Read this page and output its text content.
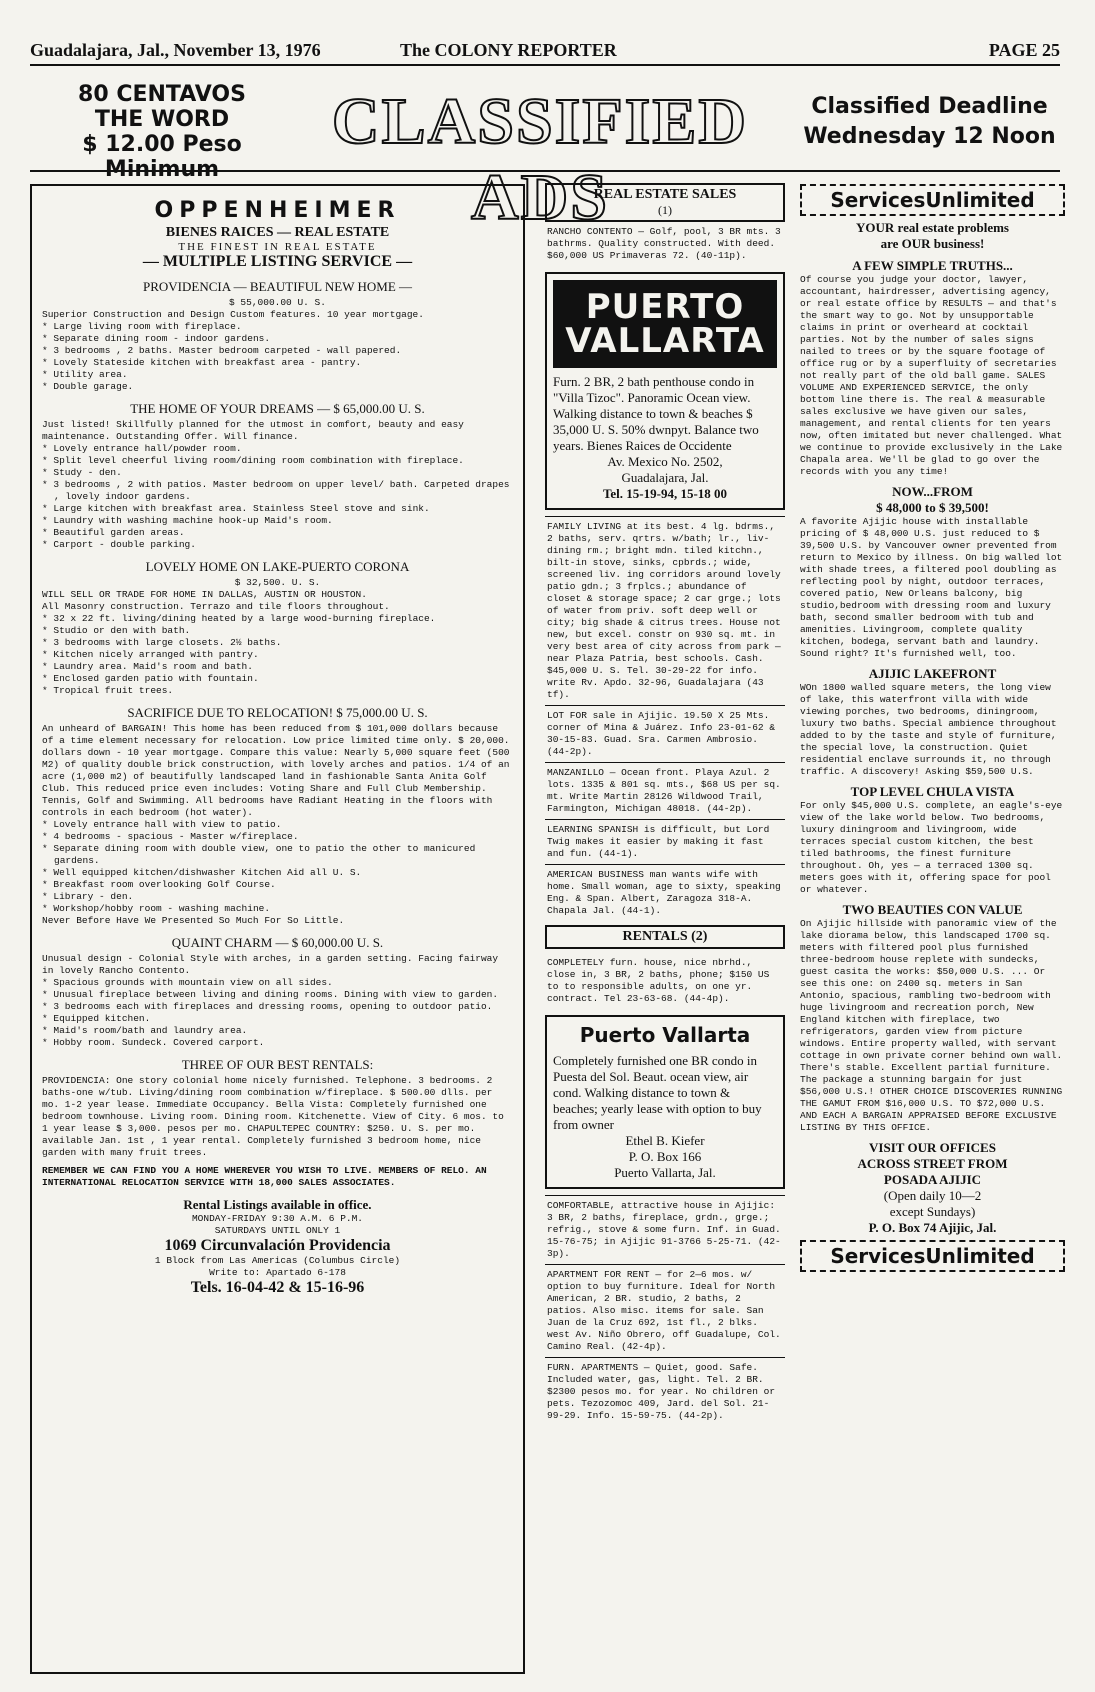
Guadalajara, Jal., November 13, 1976	The COLONY REPORTER	PAGE 25
80 CENTAVOS
THE WORD
$ 12.00 Peso Minimum
CLASSIFIED ADS
Classified Deadline
Wednesday 12 Noon
OPPENHEIMER
BIENES RAICES — REAL ESTATE
THE FINEST IN REAL ESTATE
— MULTIPLE LISTING SERVICE —
PROVIDENCIA — BEAUTIFUL NEW HOME —
$ 55,000.00 U. S.

Superior Construction and Design Custom features. 10 year mortgage.

* Large living room with fireplace.
* Separate dining room - indoor gardens.
* 3 bedrooms , 2 baths. Master bedroom carpeted - wall papered.
* Lovely Stateside kitchen with breakfast area - pantry.
* Utility area.
* Double garage.
THE HOME OF YOUR DREAMS — $ 65,000.00 U. S.

Just listed! Skillfully planned for the utmost in comfort, beauty and easy maintenance. Outstanding Offer. Will finance.

* Lovely entrance hall/powder room.
* Split level cheerful living room/dining room combination with fireplace.
* Study - den.
* 3 bedrooms , 2 with patios. Master bedroom on upper level/ bath. Carpeted drapes , lovely indoor gardens.
* Large kitchen with breakfast area. Stainless Steel stove and sink.
* Laundry with washing machine hook-up Maid's room.
* Beautiful garden areas.
* Carport - double parking.
LOVELY HOME ON LAKE-PUERTO CORONA
$ 32,500. U. S.

WILL SELL OR TRADE FOR HOME IN DALLAS, AUSTIN OR HOUSTON.

All Masonry construction. Terrazo and tile floors throughout.

* 32 x 22 ft. living/dining heated by a large wood-burning fireplace.
* Studio or den with bath.
* 3 bedrooms with large closets. 2½ baths.
* Kitchen nicely arranged with pantry.
* Laundry area. Maid's room and bath.
* Enclosed garden patio with fountain.
* Tropical fruit trees.
SACRIFICE DUE TO RELOCATION! $ 75,000.00 U. S.

An unheard of BARGAIN! This home has been reduced from $ 101,000 dollars because of a time element necessary for relocation. Low price limited time only. $ 20,000. dollars down - 10 year mortgage. Compare this value: Nearly 5,000 square feet (500 M2) of quality double brick construction, with lovely arches and patios. 1/4 of an acre (1,000 m2) of beautifully landscaped land in fashionable Santa Anita Golf Club. This reduced price even includes: Voting Share and Full Club Membership. Tennis, Golf and Swimming. All bedrooms have Radiant Heating in the floors with controls in each bedroom (hot water).

* Lovely entrance hall with view to patio.
* 4 bedrooms - spacious - Master w/fireplace.
* Separate dining room with double view, one to patio the other to manicured gardens.
* Well equipped kitchen/dishwasher Kitchen Aid all U. S.
* Breakfast room overlooking Golf Course.
* Library - den.
* Workshop/hobby room - washing machine.

Never Before Have We Presented So Much For So Little.

QUAINT CHARM — $ 60,000.00 U. S.

Unusual design - Colonial Style with arches, in a garden setting. Facing fairway in lovely Rancho Contento.

* Spacious grounds with mountain view on all sides.
* Unusual fireplace between living and dining rooms. Dining with view to garden.
* 3 bedrooms each with fireplaces and dressing rooms, opening to outdoor patio.
* Equipped kitchen.
* Maid's room/bath and laundry area.
* Hobby room. Sundeck. Covered carport.
THREE OF OUR BEST RENTALS:

PROVIDENCIA: One story colonial home nicely furnished. Telephone. 3 bedrooms. 2 baths-one w/tub. Living/dining room combination w/fireplace. $ 500.00 dlls. per mo. 1-2 year lease. Immediate Occupancy. Bella Vista: Completely furnished one bedroom townhouse. Living room. Dining room. Kitchenette. View of City. 6 mos. to 1 year lease $ 3,000. pesos per mo. CHAPULTEPEC COUNTRY: $250. U. S. per mo. available Jan. 1st , 1 year rental. Completely furnished 3 bedroom home, nice garden with many fruit trees.

REMEMBER WE CAN FIND YOU A HOME WHEREVER YOU WISH TO LIVE. MEMBERS OF RELO. AN INTERNATIONAL RELOCATION SERVICE WITH 18,000 SALES ASSOCIATES.

Rental Listings available in office.
MONDAY-FRIDAY 9:30 A.M. 6 P.M.
SATURDAYS UNTIL ONLY 1
1069 Circunvalación Providencia
1 Block from Las Americas (Columbus Circle)
Write to: Apartado 6-178
Tels. 16-04-42 & 15-16-96
REAL ESTATE SALES
(1)

RANCHO CONTENTO — Golf, pool, 3 BR mts. 3 bathrms. Quality constructed. With deed. $60,000 US Primaveras 72. (40-11p).

PUERTO VALLARTA

Furn. 2 BR, 2 bath penthouse condo in "Villa Tizoc". Panoramic Ocean view. Walking distance to town & beaches $ 35,000 U. S. 50% dwnpyt. Balance two years. Bienes Raices de Occidente

Av. Mexico No. 2502,
Guadalajara, Jal.
Tel. 15-19-94, 15-18 00

FAMILY LIVING at its best. 4 lg. bdrms., 2 baths, serv. qrtrs. w/bath; lr., liv-dining rm.; bright mdn. tiled kitchn., bilt-in stove, sinks, cpbrds.; wide, screened liv. ing corridors around lovely patio gdn.; 3 frplcs.; abundance of closet & storage space; 2 car grge.; lots of water from priv. soft deep well or city; big shade & citrus trees. House not new, but excel. constr on 930 sq. mt. in very best area of city across from park — near Plaza Patria, best schools. Cash. $45,000 U. S. Tel. 30-29-22 for info. write Rv. Apdo. 32-96, Guadalajara (43 tf).

LOT FOR sale in Ajijic. 19.50 X 25 Mts. corner of Mina & Juárez. Info 23-01-62 & 30-15-83. Guad. Sra. Carmen Ambrosio. (44-2p).

MANZANILLO — Ocean front. Playa Azul. 2 lots. 1335 & 801 sq. mts., $68 US per sq. mt. Write Martin 28126 Wildwood Trail, Farmington, Michigan 48018. (44-2p).

LEARNING SPANISH is difficult, but Lord Twig makes it easier by making it fast and fun. (44-1).

AMERICAN BUSINESS man wants wife with home. Small woman, age to sixty, speaking Eng. & Span. Albert, Zaragoza 318-A. Chapala Jal. (44-1).

RENTALS (2)

COMPLETELY furn. house, nice nbrhd., close in, 3 BR, 2 baths, phone; $150 US to to responsible adults, on one yr. contract. Tel 23-63-68. (44-4p).

Puerto Vallarta

Completely furnished one BR condo in Puesta del Sol. Beaut. ocean view, air cond. Walking distance to town & beaches; yearly lease with option to buy from owner

Ethel B. Kiefer
P. O. Box 166
Puerto Vallarta, Jal.

COMFORTABLE, attractive house in Ajijic: 3 BR, 2 baths, fireplace, grdn., grge.; refrig., stove & some furn. Inf. in Guad. 15-76-75; in Ajijic 91-3766 5-25-71. (42-3p).

APARTMENT FOR RENT — for 2—6 mos. w/ option to buy furniture. Ideal for North American, 2 BR. studio, 2 baths, 2 patios. Also misc. items for sale. San Juan de la Cruz 692, 1st fl., 2 blks. west Av. Niño Obrero, off Guadalupe, Col. Camino Real. (42-4p).

FURN. APARTMENTS — Quiet, good. Safe. Included water, gas, light. Tel. 2 BR. $2300 pesos mo. for year. No children or pets. Tezozomoc 409, Jard. del Sol. 21-99-29. Info. 15-59-75. (44-2p).

ServicesUnlimited
YOUR real estate problems
are OUR business!
A FEW SIMPLE TRUTHS...

Of course you judge your doctor, lawyer, accountant, hairdresser, advertising agency, or real estate office by RESULTS — and that's the smart way to go. Not by unsupportable claims in print or overheard at cocktail parties. Not by the number of sales signs nailed to trees or by the square footage of office rug or by a superfluity of secretaries not really part of the old ball game. SALES VOLUME AND EXPERIENCED SERVICE, the only bottom line there is. The real & measurable sales exclusive we have given our sales, management, and rental clients for ten years now, often imitated but never challenged. What we continue to provide exclusively in the Lake Chapala area. We'll be glad to go over the records with you any time!

NOW...FROM
$ 48,000 to $ 39,500!

A favorite Ajijic house with installable pricing of $ 48,000 U.S. just reduced to $ 39,500 U.S. by Vancouver owner prevented from return to Mexico by illness. On big walled lot with shade trees, a filtered pool doubling as reflecting pool by night, outdoor terraces, covered patio, New Orleans balcony, big studio,bedroom with dressing room and luxury bath, second smaller bedroom with tub and amenities. Livingroom, complete quality kitchen, bodega, servant bath and laundry. Sound right? It's furnished well, too.

AJIJIC LAKEFRONT

WOn 1800 walled square meters, the long view of lake, this waterfront villa with wide viewing porches, two bedrooms, diningroom, luxury two baths. Special ambience throughout added to by the taste and style of furniture, the special love, la construction. Quiet residential enclave surrounds it, no through traffic. A discovery! Asking $59,500 U.S.

TOP LEVEL CHULA VISTA

For only $45,000 U.S. complete, an eagle's-eye view of the lake world below. Two bedrooms, luxury diningroom and livingroom, wide terraces special custom kitchen, the best tiled bathrooms, the finest furniture throughout. Oh, yes — a terraced 1300 sq. meters goes with it, offering space for pool or whatever.

TWO BEAUTIES CON VALUE

On Ajijic hillside with panoramic view of the lake diorama below, this landscaped 1700 sq. meters with filtered pool plus furnished three-bedroom house replete with sundecks, guest casita the works: $50,000 U.S. ... Or see this one: on 2400 sq. meters in San Antonio, spacious, rambling two-bedroom with huge livingroom and recreation porch, New England kitchen with fireplace, two refrigerators, garden view from picture windows. Entire property walled, with servant cottage in own private corner behind own wall. There's stable. Excellent partial furniture. The package a stunning bargain for just $56,000 U.S.! OTHER CHOICE DISCOVERIES RUNNING THE GAMUT FROM $16,000 U.S. TO $72,000 U.S. AND EACH A BARGAIN APPRAISED BEFORE EXCLUSIVE LISTING BY THIS OFFICE.

VISIT OUR OFFICES
ACROSS STREET FROM
POSADA AJIJIC
(Open daily 10—2
except Sundays)
P. O. Box 74 Ajijic, Jal.
ServicesUnlimited
